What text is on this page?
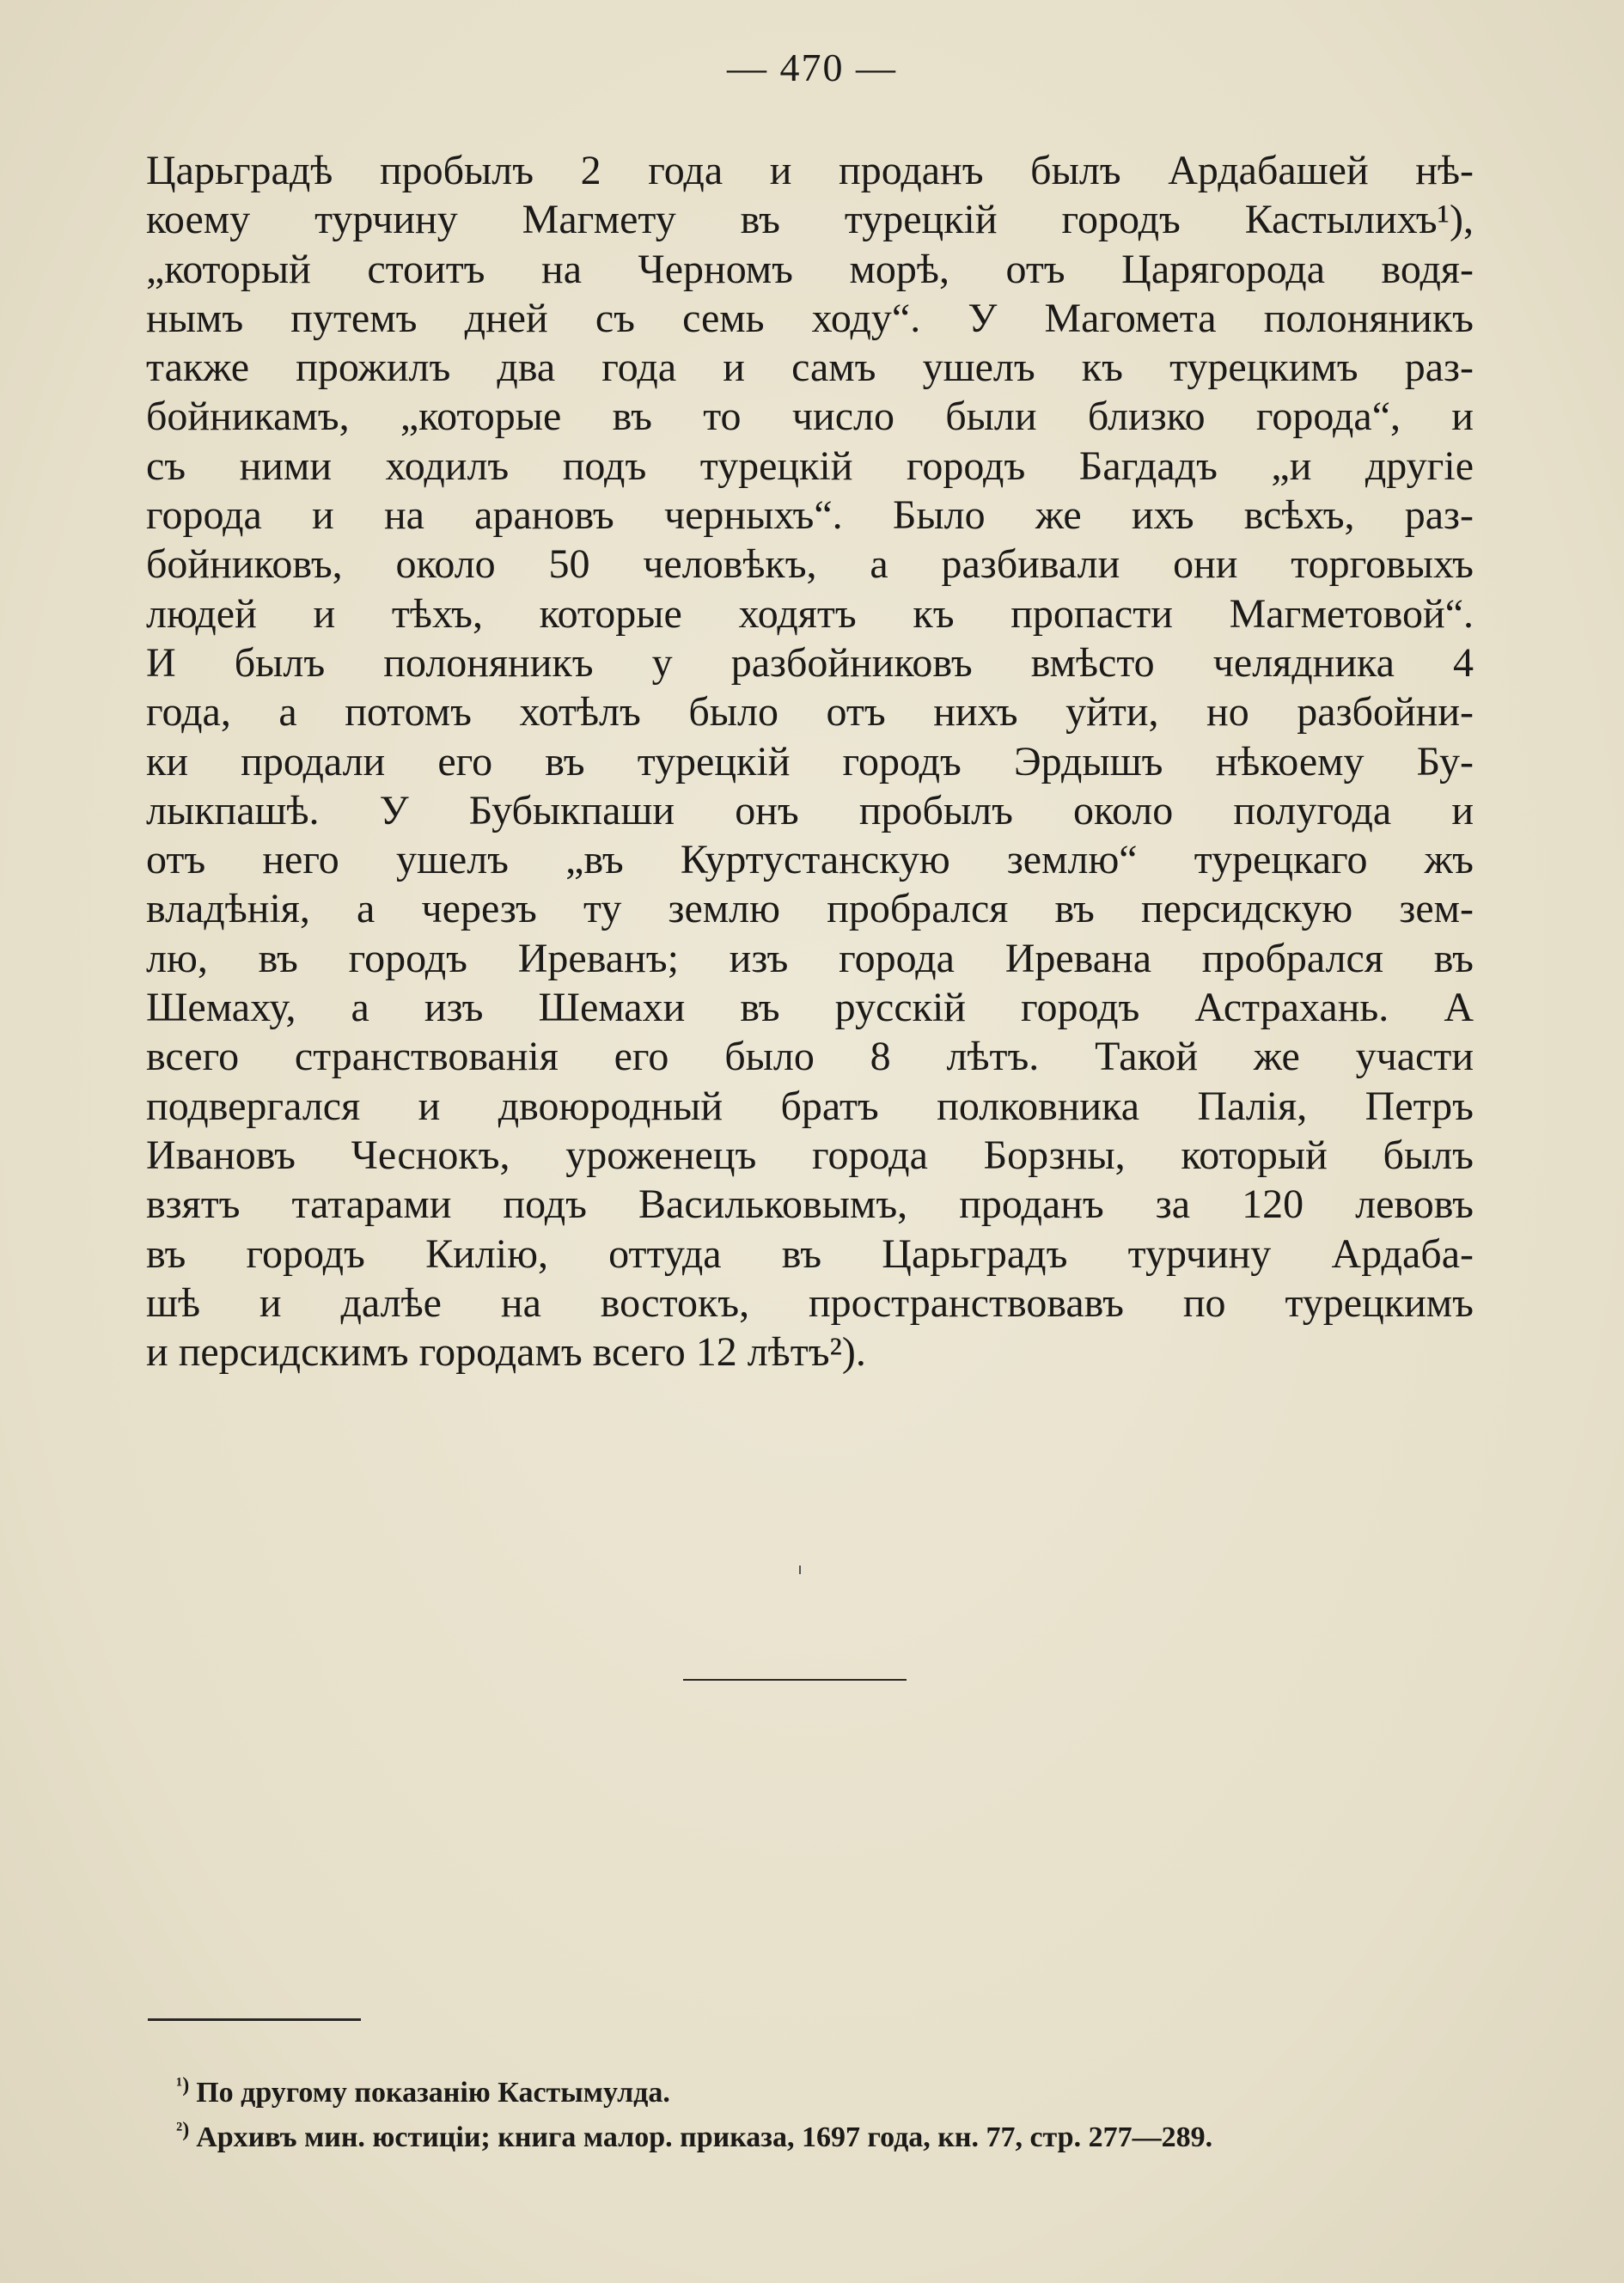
— 470 —
Царьградѣ пробылъ 2 года и проданъ былъ Ардабашей нѣ-
коему турчину Магмету въ турецкій городъ Кастылихъ¹),
„который стоитъ на Черномъ морѣ, отъ Царягорода водя-
нымъ путемъ дней съ семь ходу“. У Магомета полоняникъ
также прожилъ два года и самъ ушелъ къ турецкимъ раз-
бойникамъ, „которые въ то число были близко города“, и
съ ними ходилъ подъ турецкій городъ Багдадъ „и другіе
города и на арановъ черныхъ“. Было же ихъ всѣхъ, раз-
бойниковъ, около 50 человѣкъ, а разбивали они торговыхъ
людей и тѣхъ, которые ходятъ къ пропасти Магметовой“.
И былъ полоняникъ у разбойниковъ вмѣсто челядника 4
года, а потомъ хотѣлъ было отъ нихъ уйти, но разбойни-
ки продали его въ турецкій городъ Эрдышъ нѣкоему Бу-
лыкпашѣ. У Бубыкпаши онъ пробылъ около полугода и
отъ него ушелъ „въ Куртустанскую землю“ турецкаго жъ
владѣнія, а черезъ ту землю пробрался въ персидскую зем-
лю, въ городъ Иреванъ; изъ города Иревана пробрался въ
Шемаху, а изъ Шемахи въ русскій городъ Астрахань. А
всего странствованія его было 8 лѣтъ. Такой же участи
подвергался и двоюродный братъ полковника Палія, Петръ
Ивановъ Чеснокъ, уроженецъ города Борзны, который былъ
взятъ татарами подъ Васильковымъ, проданъ за 120 левовъ
въ городъ Килію, оттуда въ Царьградъ турчину Ардаба-
шѣ и далѣе на востокъ, пространствовавъ по турецкимъ
и персидскимъ городамъ всего 12 лѣтъ²).
$^{^1)}$ По другому показанію Кастымулда.
$^{^2)}$ Архивъ мин. юстиціи; книга малор. приказа, 1697 года, кн. 77, стр. 277—289.
